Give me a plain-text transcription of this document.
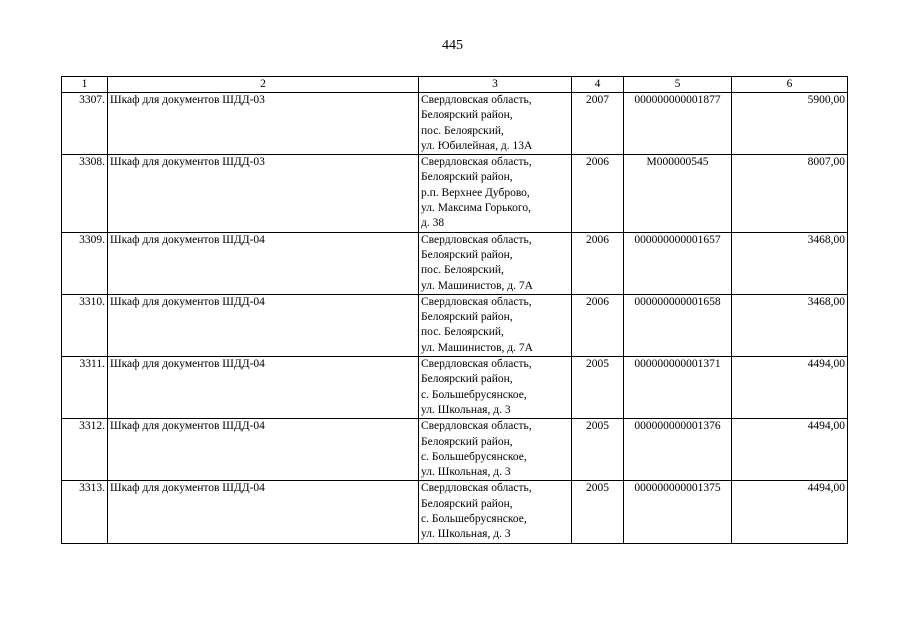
445
1	2	3	4	5	6
3307.	Шкаф для документов ШДД-03	Свердловская область,
Белоярский район,
пос. Белоярский,
ул. Юбилейная, д. 13А	2007	000000000001877	5900,00
3308.	Шкаф для документов ШДД-03	Свердловская область,
Белоярский район,
р.п. Верхнее Дуброво,
ул. Максима Горького,
д. 38	2006	М000000545	8007,00
3309.	Шкаф для документов ШДД-04	Свердловская область,
Белоярский район,
пос. Белоярский,
ул. Машинистов, д. 7А	2006	000000000001657	3468,00
3310.	Шкаф для документов ШДД-04	Свердловская область,
Белоярский район,
пос. Белоярский,
ул. Машинистов, д. 7А	2006	000000000001658	3468,00
3311.	Шкаф для документов ШДД-04	Свердловская область,
Белоярский район,
с. Большебрусянское,
ул. Школьная, д. 3	2005	000000000001371	4494,00
3312.	Шкаф для документов ШДД-04	Свердловская область,
Белоярский район,
с. Большебрусянское,
ул. Школьная, д. 3	2005	000000000001376	4494,00
3313.	Шкаф для документов ШДД-04	Свердловская область,
Белоярский район,
с. Большебрусянское,
ул. Школьная, д. 3	2005	000000000001375	4494,00
